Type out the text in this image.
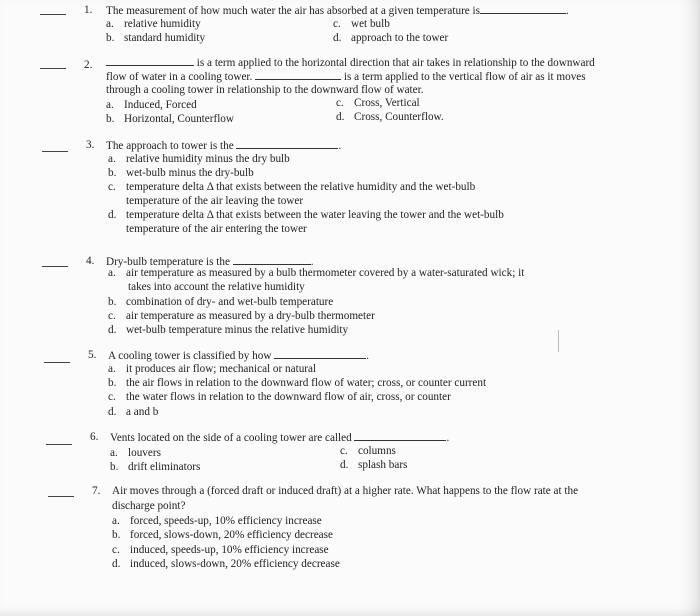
1. The measurement of how much water the air has absorbed at a given temperature is	.
a. relative humidity
b. standard humidity
c. wet bulb
d. approach to the tower
2.	is a term applied to the horizontal direction that air takes in relationship to the downward
flow of water in a cooling tower.	is a term applied to the vertical flow of air as it moves
through a cooling tower in relationship to the downward flow of water.
a. Induced, Forced
b. Horizontal, Counterflow
c. Cross, Vertical
d. Cross, Counterflow.
3. The approach to tower is the	.
a. relative humidity minus the dry bulb
b. wet-bulb minus the dry-bulb
c. temperature delta Δ that exists between the relative humidity and the wet-bulb
temperature of the air leaving the tower
d. temperature delta Δ that exists between the water leaving the tower and the wet-bulb
temperature of the air entering the tower
4. Dry-bulb temperature is the	.
a. air temperature as measured by a bulb thermometer covered by a water-saturated wick; it
takes into account the relative humidity
b. combination of dry- and wet-bulb temperature
c. air temperature as measured by a dry-bulb thermometer
d. wet-bulb temperature minus the relative humidity
5. A cooling tower is classified by how	.
a. it produces air flow; mechanical or natural
b. the air flows in relation to the downward flow of water; cross, or counter current
c. the water flows in relation to the downward flow of air, cross, or counter
d. a and b
6. Vents located on the side of a cooling tower are called	.
a. louvers
b. drift eliminators
c. columns
d. splash bars
7. Air moves through a (forced draft or induced draft) at a higher rate. What happens to the flow rate at the
discharge point?
a. forced, speeds-up, 10% efficiency increase
b. forced, slows-down, 20% efficiency decrease
c. induced, speeds-up, 10% efficiency increase
d. induced, slows-down, 20% efficiency decrease
